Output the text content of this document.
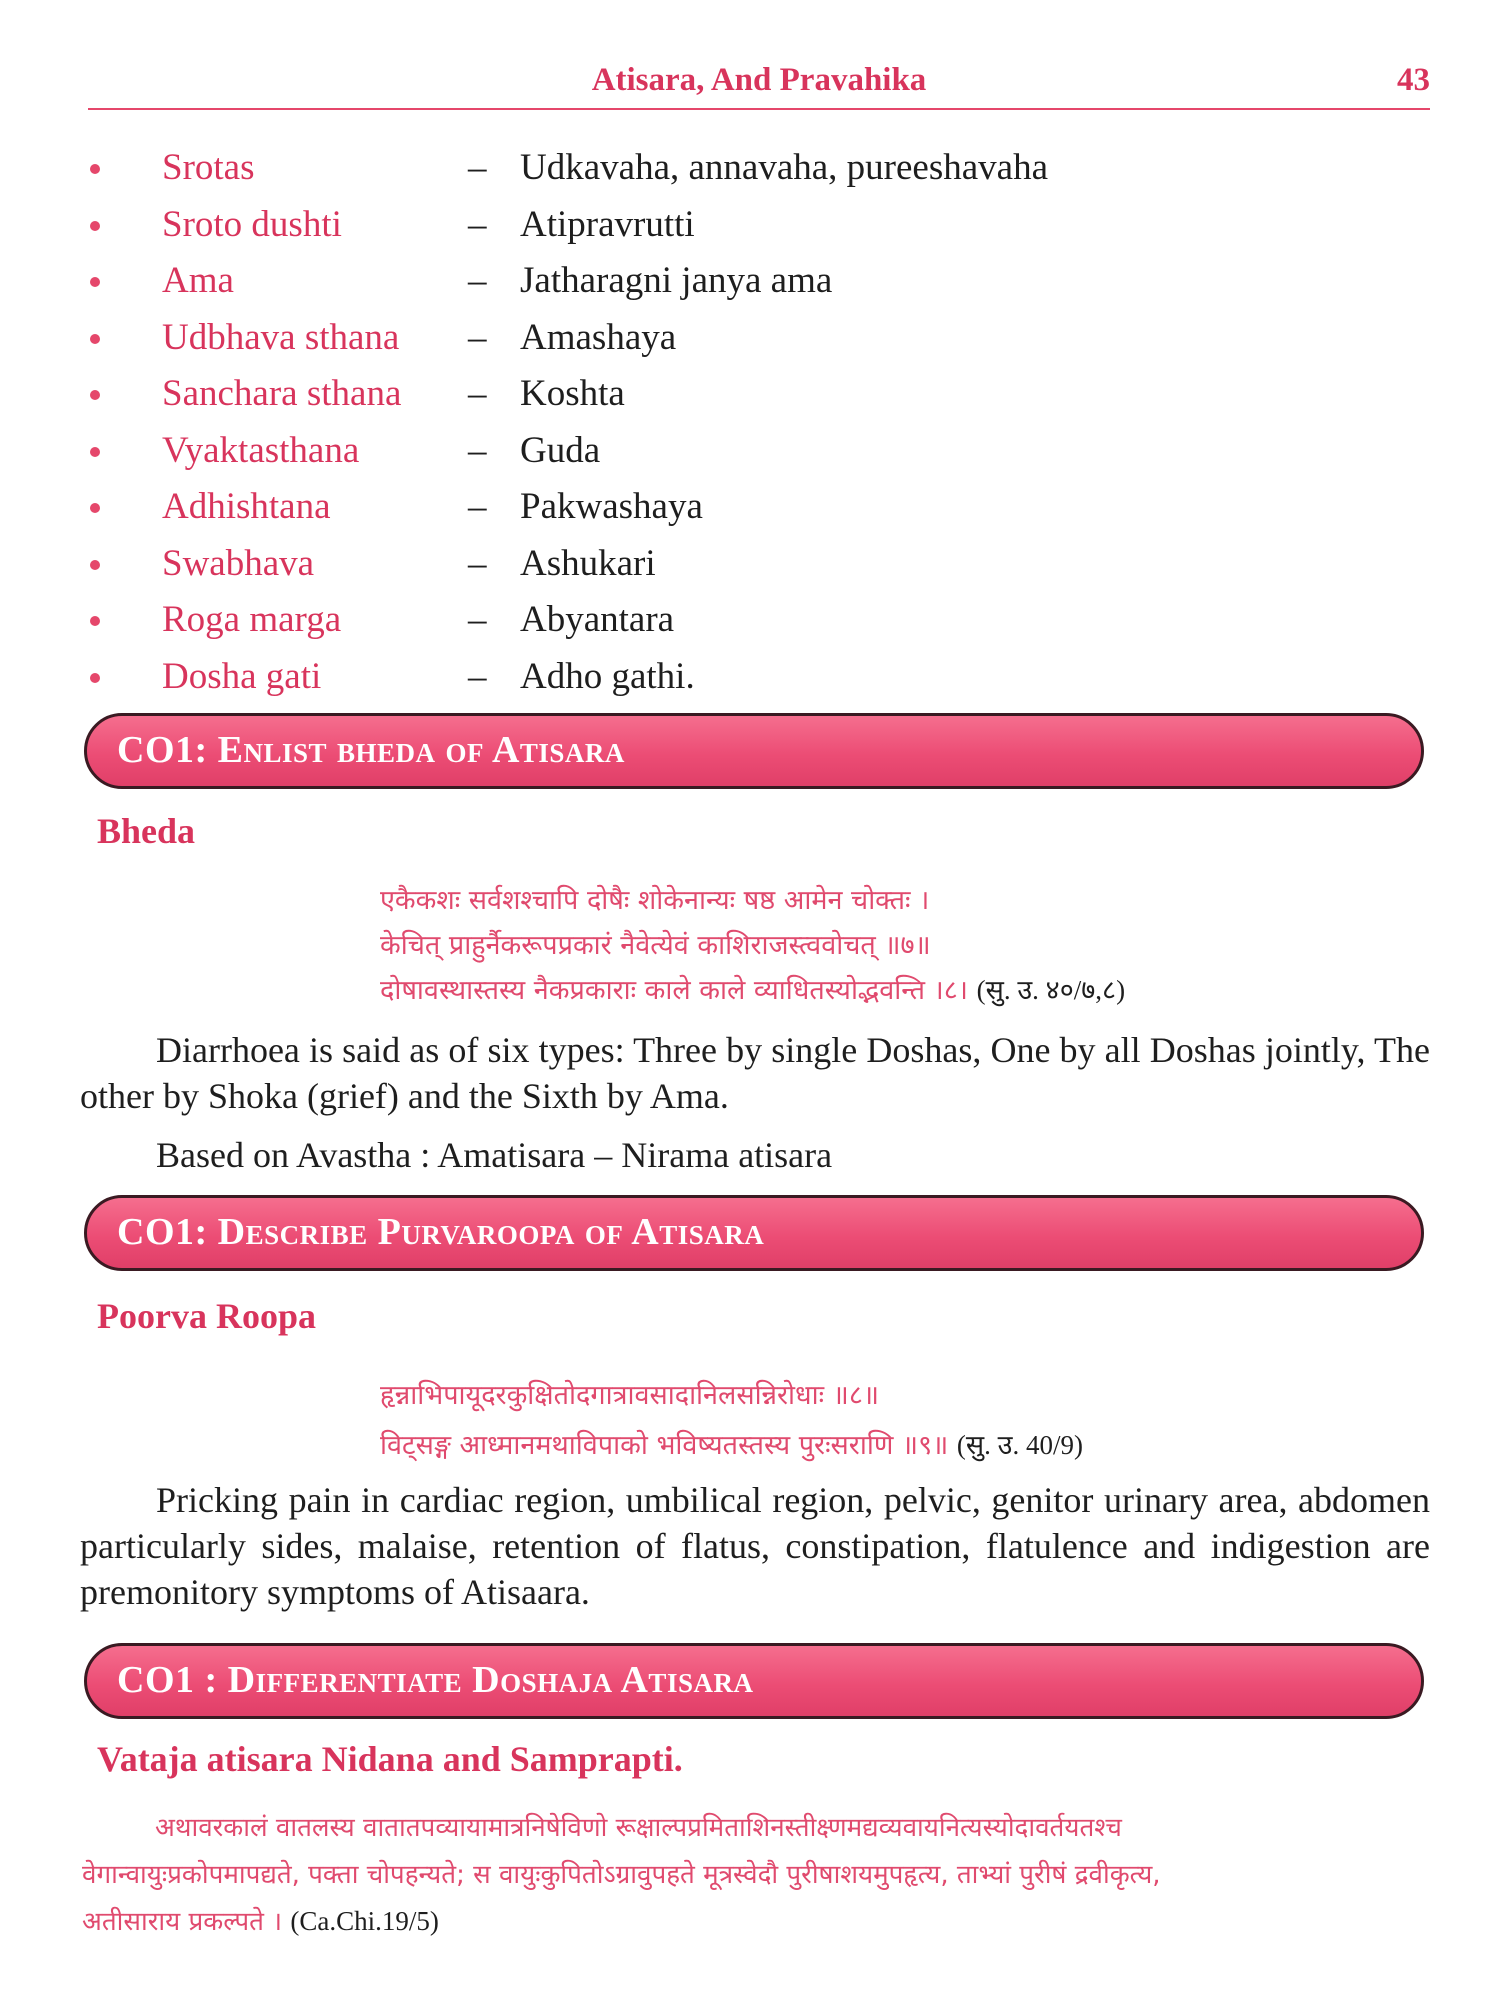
Atisara, And Pravahika	43
Srotas	– Udkavaha, annavaha, pureeshavaha
Sroto dushti	– Atipravrutti
Ama	– Jatharagni janya ama
Udbhava sthana – Amashaya
Sanchara sthana – Koshta
Vyaktasthana	– Guda
Adhishtana	– Pakwashaya
Swabhava	– Ashukari
Roga marga	– Abyantara
Dosha gati	– Adho gathi.
CO1: Enlist bheda of Atisara
Bheda
एकैकशः सर्वशश्चापि दोषैः शोकेनान्यः षष्ठ आमेन चोक्तः ।
केचित् प्राहुर्नैकरूपप्रकारं नैवेत्येवं काशिराजस्त्ववोचत् ॥७॥
दोषावस्थास्तस्य नैकप्रकाराः काले काले व्याधितस्योद्भवन्ति ।८। (सु. उ. ४०/७,८)

Diarrhoea is said as of six types: Three by single Doshas, One by all Doshas jointly, The other by Shoka (grief) and the Sixth by Ama.

Based on Avastha : Amatisara – Nirama atisara

CO1: Describe Purvaroopa of Atisara
Poorva Roopa
हृन्नाभिपायूदरकुक्षितोदगात्रावसादानिलसन्निरोधाः ॥८॥
विट्सङ्ग आध्मानमथाविपाको भविष्यतस्तस्य पुरःसराणि ॥९॥ (सु. उ. 40/9)

Pricking pain in cardiac region, umbilical region, pelvic, genitor urinary area, abdomen particularly sides, malaise, retention of flatus, constipation, flatulence and indigestion are premonitory symptoms of Atisaara.

CO1 : Differentiate Doshaja Atisara
Vataja atisara Nidana and Samprapti.
अथावरकालं वातलस्य वातातपव्यायामात्रनिषेविणो रूक्षाल्पप्रमिताशिनस्तीक्ष्णमद्यव्यवायनित्यस्योदावर्तयतश्च
वेगान्वायुःप्रकोपमापद्यते, पक्ता चोपहन्यते; स वायुःकुपितोऽग्रावुपहते मूत्रस्वेदौ पुरीषाशयमुपहृत्य, ताभ्यां पुरीषं द्रवीकृत्य,
अतीसाराय प्रकल्पते । (Ca.Chi.19/5)
